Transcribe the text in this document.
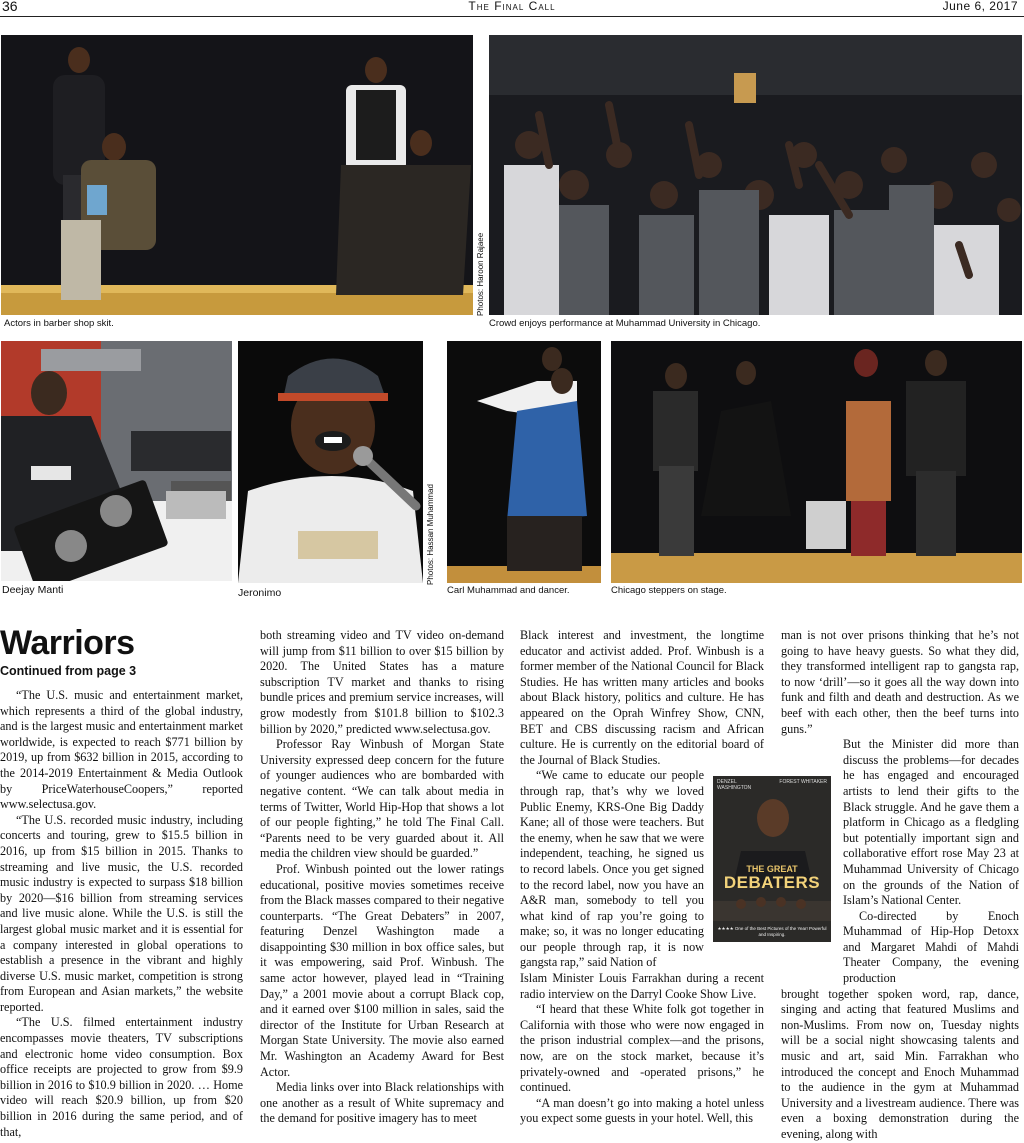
36	The Final Call	June 6, 2017
Actors in barber shop skit.
Photos: Haroon Rajaee
Crowd enjoys performance at Muhammad University in Chicago.
Deejay Manti	Jeronimo
Photos: Hassan Muhammad
Carl Muhammad and dancer.	Chicago steppers on stage.
Warriors
Continued from page 3

“The U.S. music and entertainment market, which represents a third of the global industry, and is the largest music and entertainment market worldwide, is expected to reach $771 billion by 2019, up from $632 billion in 2015, according to the 2014-2019 Entertainment & Media Outlook by PriceWaterhouseCoopers,” reported www.selectusa.gov.

“The U.S. recorded music industry, including concerts and touring, grew to $15.5 billion in 2016, up from $15 billion in 2015. Thanks to streaming and live music, the U.S. recorded music industry is expected to surpass $18 billion by 2020—$16 billion from streaming services and live music alone. While the U.S. is still the largest global music market and it is essential for a company interested in global operations to establish a presence in the vibrant and highly diverse U.S. music market, competition is strong from European and Asian markets,” the website reported.

“The U.S. filmed entertainment industry encompasses movie theaters, TV subscriptions and electronic home video consumption. Box office receipts are projected to grow from $9.9 billion in 2016 to $10.9 billion in 2020. … Home video will reach $20.9 billion, up from $20 billion in 2016 during the same period, and of that,

both streaming video and TV video on-demand will jump from $11 billion to over $15 billion by 2020. The United States has a mature subscription TV market and thanks to rising bundle prices and premium service increases, will grow modestly from $101.8 billion to $102.3 billion by 2020,” predicted www.selectusa.gov.

Professor Ray Winbush of Morgan State University expressed deep concern for the future of younger audiences who are bombarded with negative content. “We can talk about media in terms of Twitter, World Hip-Hop that shows a lot of our people fighting,” he told The Final Call. “Parents need to be very guarded about it. All media the children view should be guarded.”

Prof. Winbush pointed out the lower ratings educational, positive movies sometimes receive from the Black masses compared to their negative counterparts. “The Great Debaters” in 2007, featuring Denzel Washington made a disappointing $30 million in box office sales, but it was empowering, said Prof. Winbush. The same actor however, played lead in “Training Day,” a 2001 movie about a corrupt Black cop, and it earned over $100 million in sales, said the director of the Institute for Urban Research at Morgan State University. The movie also earned Mr. Washington an Academy Award for Best Actor.

Media links over into Black relationships with one another as a result of White supremacy and the demand for positive imagery has to meet

Black interest and investment, the longtime educator and activist added. Prof. Winbush is a former member of the National Council for Black Studies. He has written many articles and books about Black history, politics and culture. He has appeared on the Oprah Winfrey Show, CNN, BET and CBS discussing racism and African culture. He is currently on the editorial board of the Journal of Black Studies.

“We came to educate our people through rap, that’s why we loved Public Enemy, KRS-One Big Daddy Kane; all of those were teachers. But the enemy, when he saw that we were independent, teaching, he signed us to record labels. Once you get signed to the record label, now you have an A&R man, somebody to tell you what kind of rap you’re going to make; so, it was no longer educating our people through rap, it is now gangsta rap,” said Nation of

Islam Minister Louis Farrakhan during a recent radio interview on the Darryl Cooke Show Live.

“I heard that these White folk got together in California with those who were now engaged in the prison industrial complex—and the prisons, now, are on the stock market, because it’s privately-owned and -operated prisons,” he continued.

“A man doesn’t go into making a hotel unless you expect some guests in your hotel. Well, this

DENZEL WASHINGTON
FOREST WHITAKER
THE GREAT
DEBATERS
★★★★ One of the Best Pictures of the Year! Powerful and Inspiring.

man is not over prisons thinking that he’s not going to have heavy guests. So what they did, they transformed intelligent rap to gangsta rap, to now ‘drill’—so it goes all the way down into funk and filth and death and destruction. As we beef with each other, then the beef turns into guns.”

But the Minister did more than discuss the problems—for decades he has engaged and encouraged artists to lend their gifts to the Black struggle. And he gave them a platform in Chicago as a fledgling but potentially important sign and collaborative effort rose May 23 at Muhammad University of Chicago on the grounds of the Nation of Islam’s National Center.

Co-directed by Enoch Muhammad of Hip-Hop Detoxx and Margaret Mahdi of Mahdi Theater Company, the evening production

brought together spoken word, rap, dance, singing and acting that featured Muslims and non-Muslims. From now on, Tuesday nights will be a social night showcasing talents and music and art, said Min. Farrakhan who introduced the concept and Enoch Muhammad to the audience in the gym at Muhammad University and a livestream audience. There was even a boxing demonstration during the evening, along with
